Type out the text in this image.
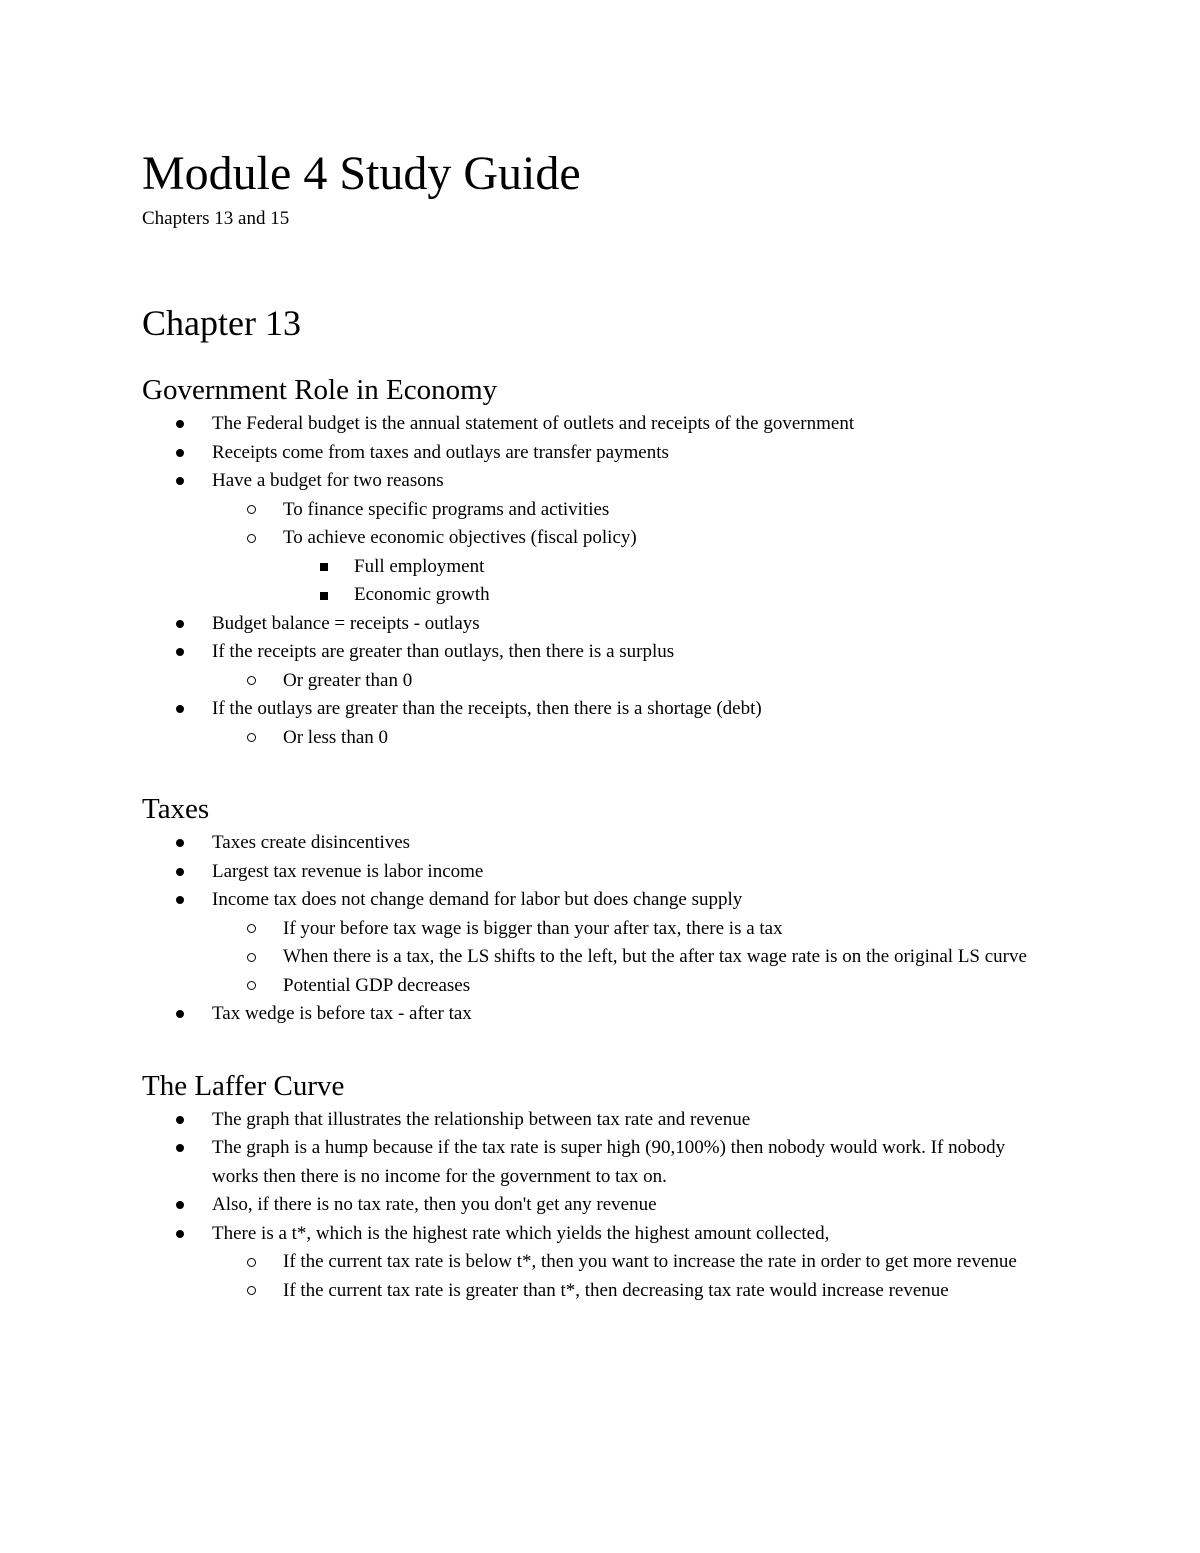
Module 4 Study Guide
Chapters 13 and 15
Chapter 13
Government Role in Economy
The Federal budget is the annual statement of outlets and receipts of the government
Receipts come from taxes and outlays are transfer payments
Have a budget for two reasons
To finance specific programs and activities
To achieve economic objectives (fiscal policy)
Full employment
Economic growth
Budget balance = receipts - outlays
If the receipts are greater than outlays, then there is a surplus
Or greater than 0
If the outlays are greater than the receipts, then there is a shortage (debt)
Or less than 0
Taxes
Taxes create disincentives
Largest tax revenue is labor income
Income tax does not change demand for labor but does change supply
If your before tax wage is bigger than your after tax, there is a tax
When there is a tax, the LS shifts to the left, but the after tax wage rate is on the original LS curve
Potential GDP decreases
Tax wedge is before tax - after tax
The Laffer Curve
The graph that illustrates the relationship between tax rate and revenue
The graph is a hump because if the tax rate is super high (90,100%) then nobody would work. If nobody works then there is no income for the government to tax on.
Also, if there is no tax rate, then you don't get any revenue
There is a t*, which is the highest rate which yields the highest amount collected,
If the current tax rate is below t*, then you want to increase the rate in order to get more revenue
If the current tax rate is greater than t*, then decreasing tax rate would increase revenue
